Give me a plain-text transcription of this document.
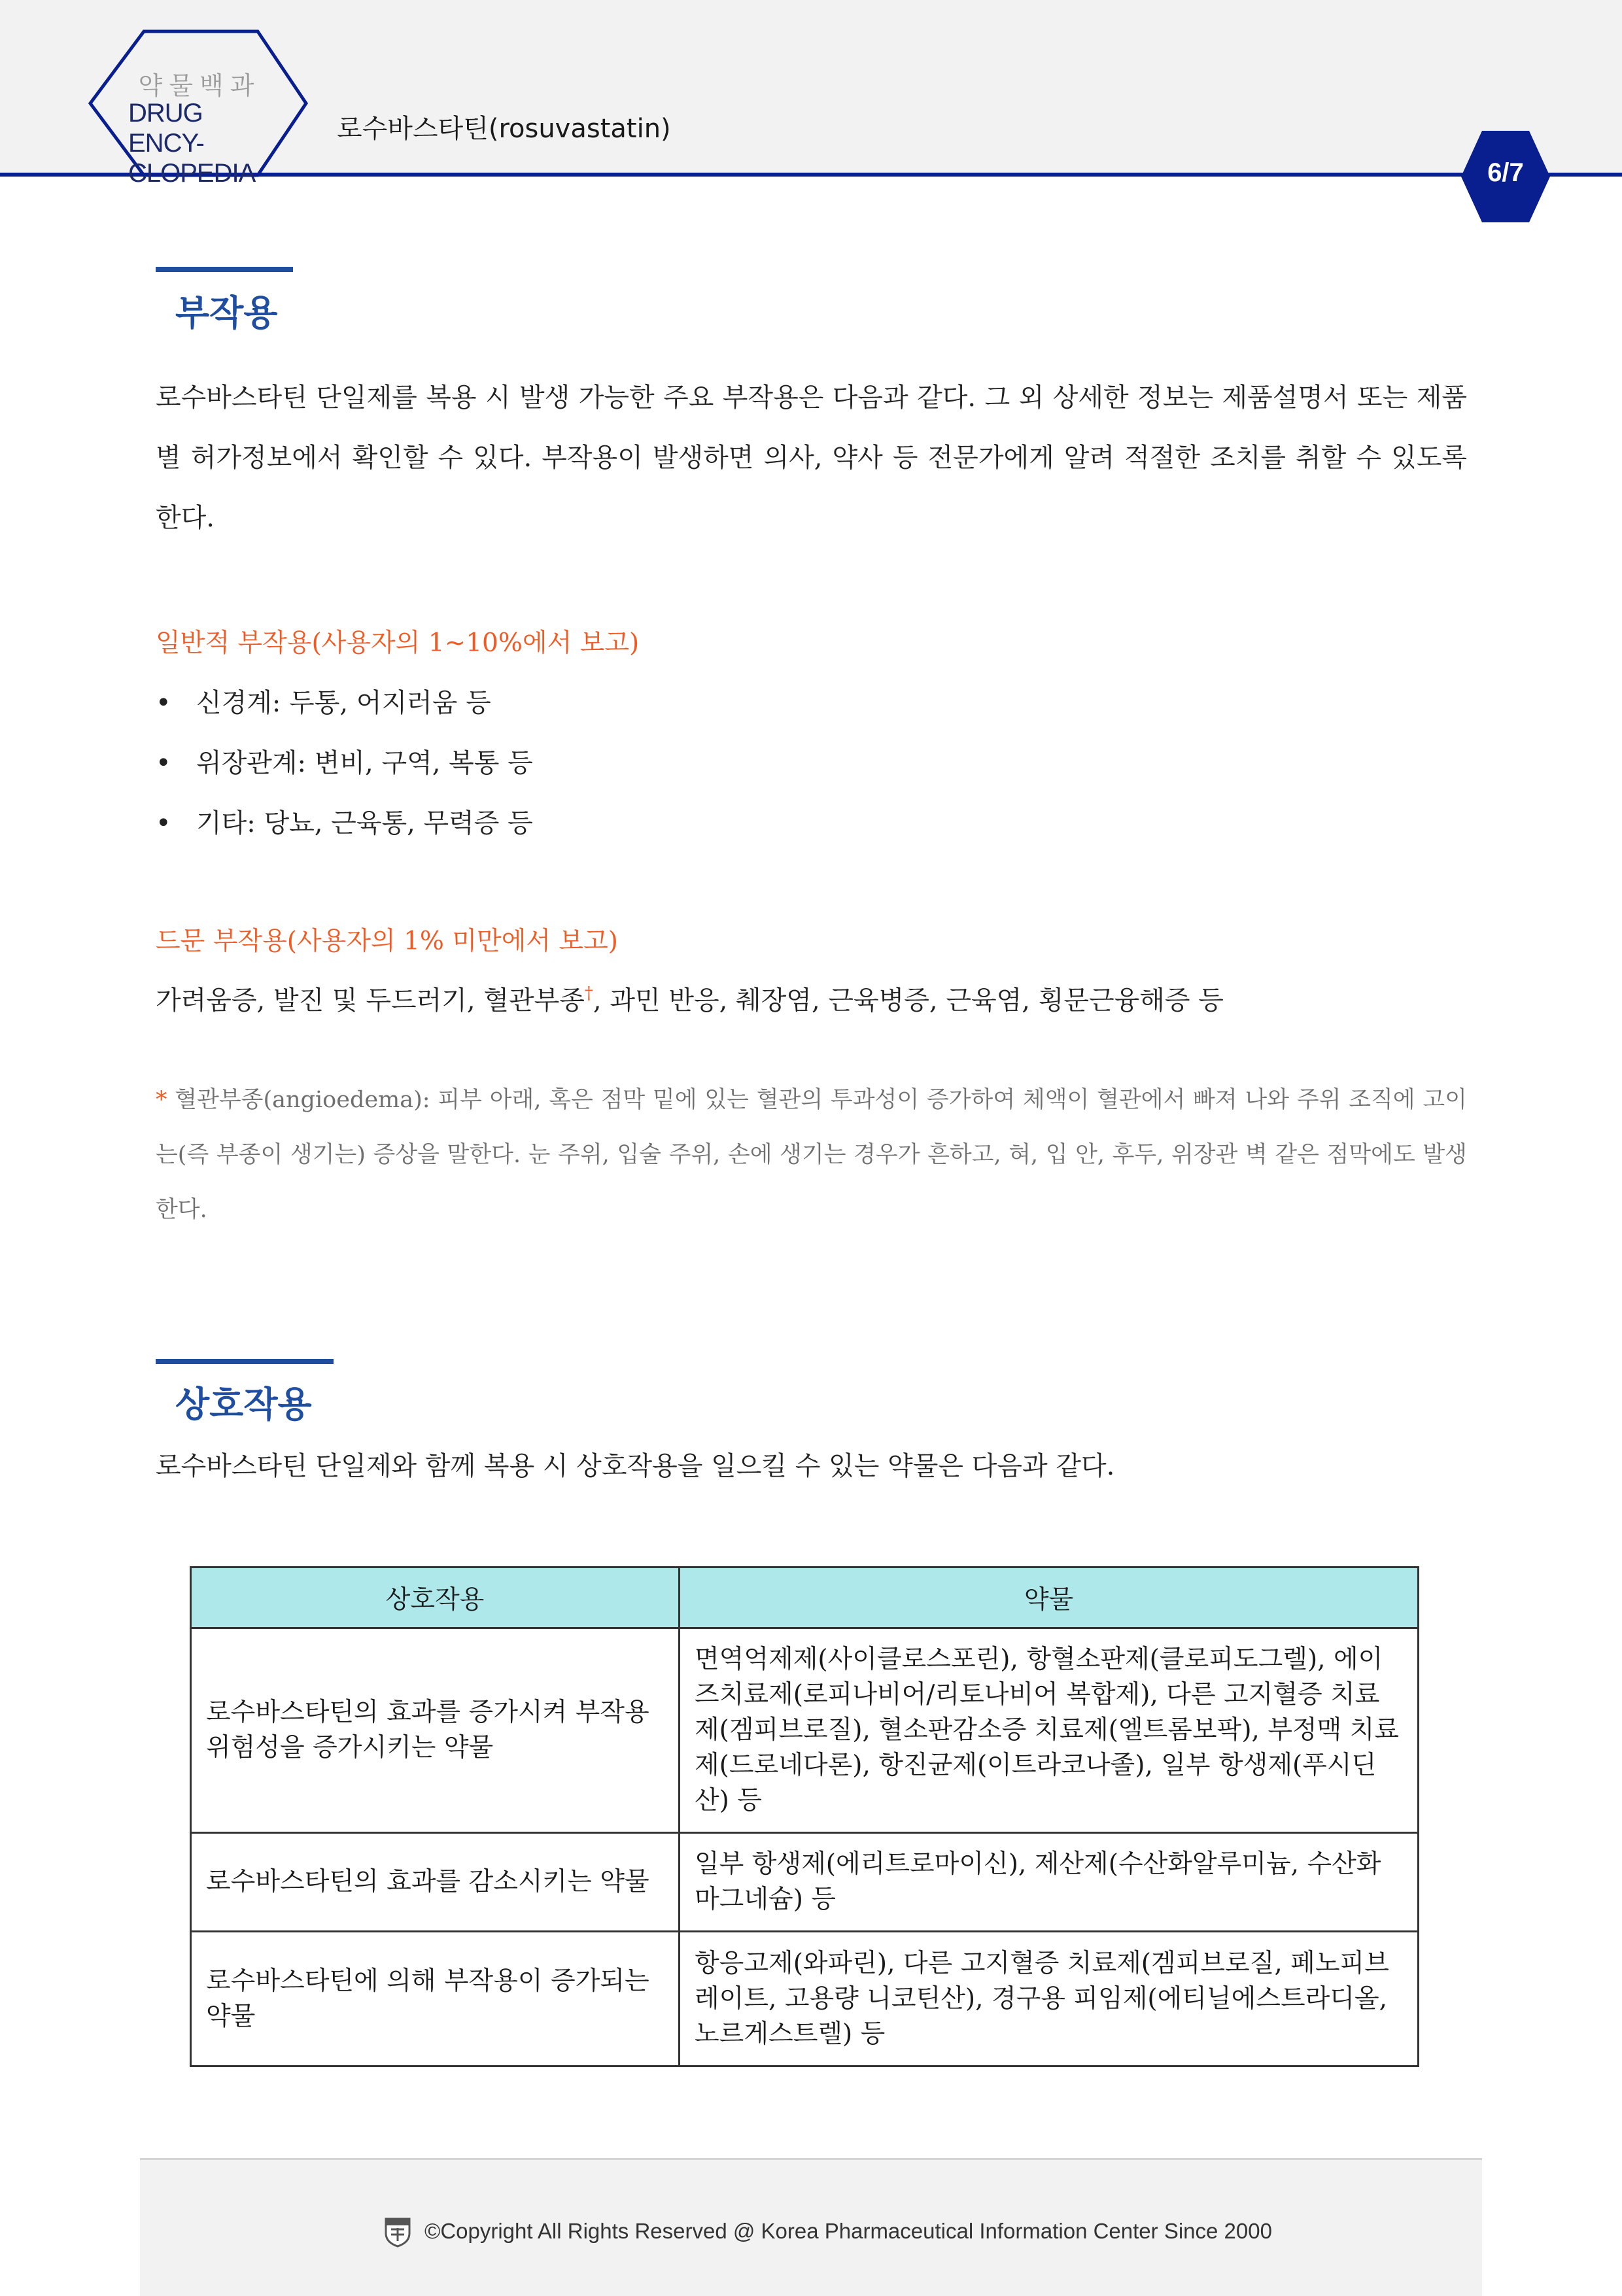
약물백과
DRUG ENCY-
CLOPEDIA
로수바스타틴(rosuvastatin)
6/7
부작용
로수바스타틴 단일제를 복용 시 발생 가능한 주요 부작용은 다음과 같다. 그 외 상세한 정보는 제품설명서 또는 제품별 허가정보에서 확인할 수 있다. 부작용이 발생하면 의사, 약사 등 전문가에게 알려 적절한 조치를 취할 수 있도록 한다.
일반적 부작용(사용자의 1~10%에서 보고)
• 신경계: 두통, 어지러움 등
• 위장관계: 변비, 구역, 복통 등
• 기타: 당뇨, 근육통, 무력증 등
드문 부작용(사용자의 1% 미만에서 보고)
가려움증, 발진 및 두드러기, 혈관부종†, 과민 반응, 췌장염, 근육병증, 근육염, 횡문근융해증 등
* 혈관부종(angioedema): 피부 아래, 혹은 점막 밑에 있는 혈관의 투과성이 증가하여 체액이 혈관에서 빠져 나와 주위 조직에 고이는(즉 부종이 생기는) 증상을 말한다. 눈 주위, 입술 주위, 손에 생기는 경우가 흔하고, 혀, 입 안, 후두, 위장관 벽 같은 점막에도 발생한다.
상호작용
로수바스타틴 단일제와 함께 복용 시 상호작용을 일으킬 수 있는 약물은 다음과 같다.
상호작용	약물
로수바스타틴의 효과를 증가시켜 부작용 위험성을 증가시키는 약물	면역억제제(사이클로스포린), 항혈소판제(클로피도그렐), 에이즈치료제(로피나비어/리토나비어 복합제), 다른 고지혈증 치료제(겜피브로질), 혈소판감소증 치료제(엘트롬보팍), 부정맥 치료제(드로네다론), 항진균제(이트라코나졸), 일부 항생제(푸시딘산) 등
로수바스타틴의 효과를 감소시키는 약물	일부 항생제(에리트로마이신), 제산제(수산화알루미늄, 수산화마그네슘) 등
로수바스타틴에 의해 부작용이 증가되는 약물	항응고제(와파린), 다른 고지혈증 치료제(겜피브로질, 페노피브레이트, 고용량 니코틴산), 경구용 피임제(에티닐에스트라디올, 노르게스트렐) 등
©Copyright All Rights Reserved @ Korea Pharmaceutical Information Center Since 2000
